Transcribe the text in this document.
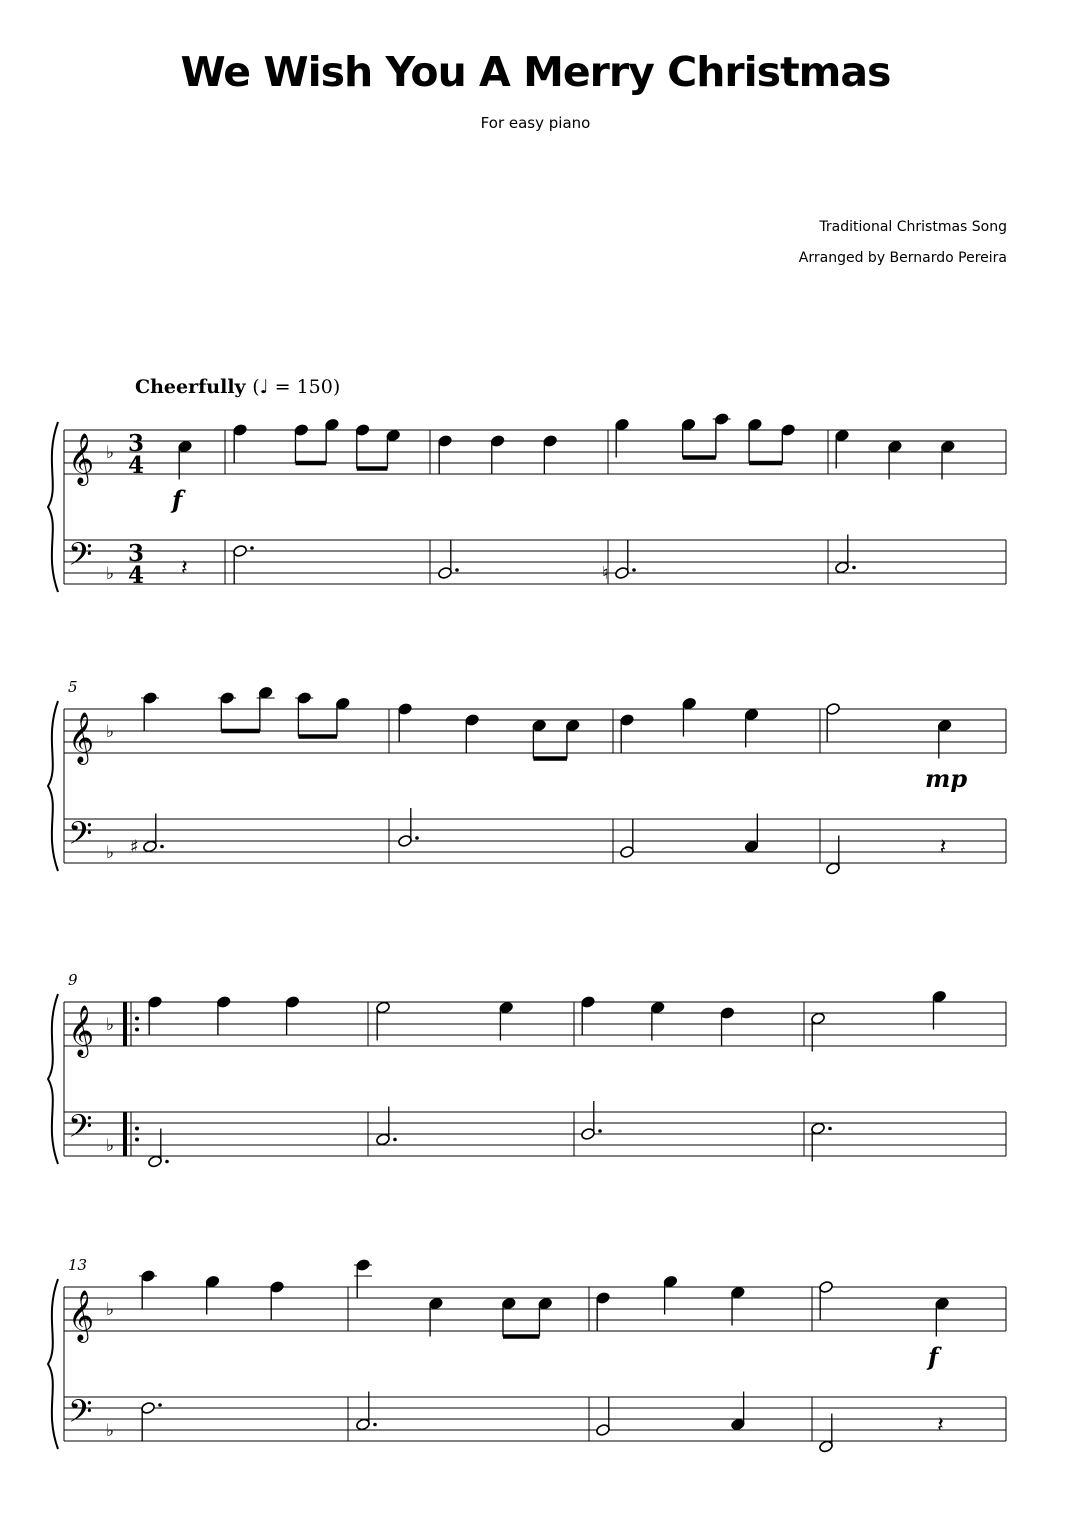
We Wish You A Merry Christmas
For easy piano
Traditional Christmas Song
Arranged by Bernardo Pereira
Cheerfully (♩ = 150)
𝄞
𝄢
♭
♭
3
4
3
4 𝄽	♮
f
𝄞
𝄢
♭
♭
5
♯	𝄽
mp
𝄞
𝄢
♭
♭
9
𝄞
𝄢
♭
♭
13
𝄽
f
